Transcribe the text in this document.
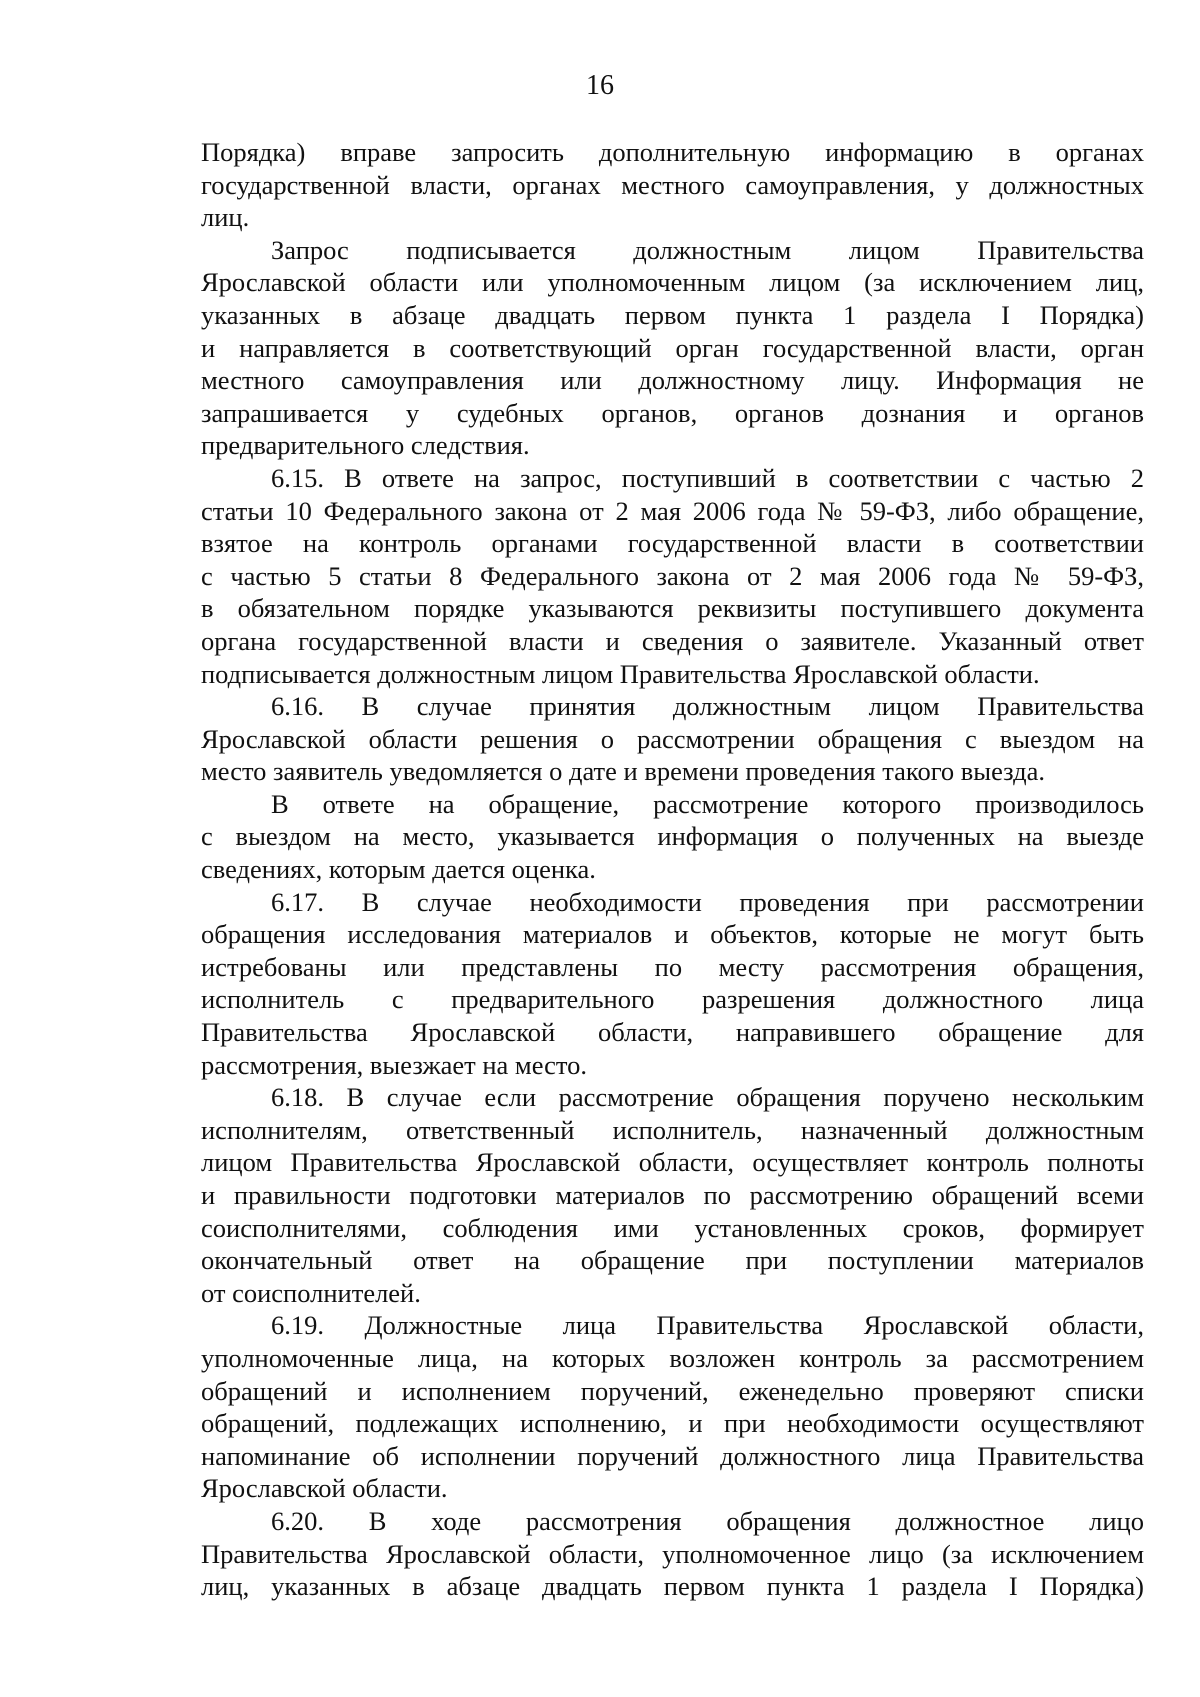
16
Порядка) вправе запросить дополнительную информацию в органах
государственной власти, органах местного самоуправления, у должностных
лиц.
Запрос подписывается должностным лицом Правительства
Ярославской области или уполномоченным лицом (за исключением лиц,
указанных в абзаце двадцать первом пункта 1 раздела I Порядка)
и направляется в соответствующий орган государственной власти, орган
местного самоуправления или должностному лицу. Информация не
запрашивается у судебных органов, органов дознания и органов
предварительного следствия.
6.15. В ответе на запрос, поступивший в соответствии с частью 2
статьи 10 Федерального закона от 2 мая 2006 года № 59-ФЗ, либо обращение,
взятое на контроль органами государственной власти в соответствии
с частью 5 статьи 8 Федерального закона от 2 мая 2006 года № 59-ФЗ,
в обязательном порядке указываются реквизиты поступившего документа
органа государственной власти и сведения о заявителе. Указанный ответ
подписывается должностным лицом Правительства Ярославской области.
6.16. В случае принятия должностным лицом Правительства
Ярославской области решения о рассмотрении обращения с выездом на
место заявитель уведомляется о дате и времени проведения такого выезда.
В ответе на обращение, рассмотрение которого производилось
с выездом на место, указывается информация о полученных на выезде
сведениях, которым дается оценка.
6.17. В случае необходимости проведения при рассмотрении
обращения исследования материалов и объектов, которые не могут быть
истребованы или представлены по месту рассмотрения обращения,
исполнитель с предварительного разрешения должностного лица
Правительства Ярославской области, направившего обращение для
рассмотрения, выезжает на место.
6.18. В случае если рассмотрение обращения поручено нескольким
исполнителям, ответственный исполнитель, назначенный должностным
лицом Правительства Ярославской области, осуществляет контроль полноты
и правильности подготовки материалов по рассмотрению обращений всеми
соисполнителями, соблюдения ими установленных сроков, формирует
окончательный ответ на обращение при поступлении материалов
от соисполнителей.
6.19. Должностные лица Правительства Ярославской области,
уполномоченные лица, на которых возложен контроль за рассмотрением
обращений и исполнением поручений, еженедельно проверяют списки
обращений, подлежащих исполнению, и при необходимости осуществляют
напоминание об исполнении поручений должностного лица Правительства
Ярославской области.
6.20. В ходе рассмотрения обращения должностное лицо
Правительства Ярославской области, уполномоченное лицо (за исключением
лиц, указанных в абзаце двадцать первом пункта 1 раздела I Порядка)
